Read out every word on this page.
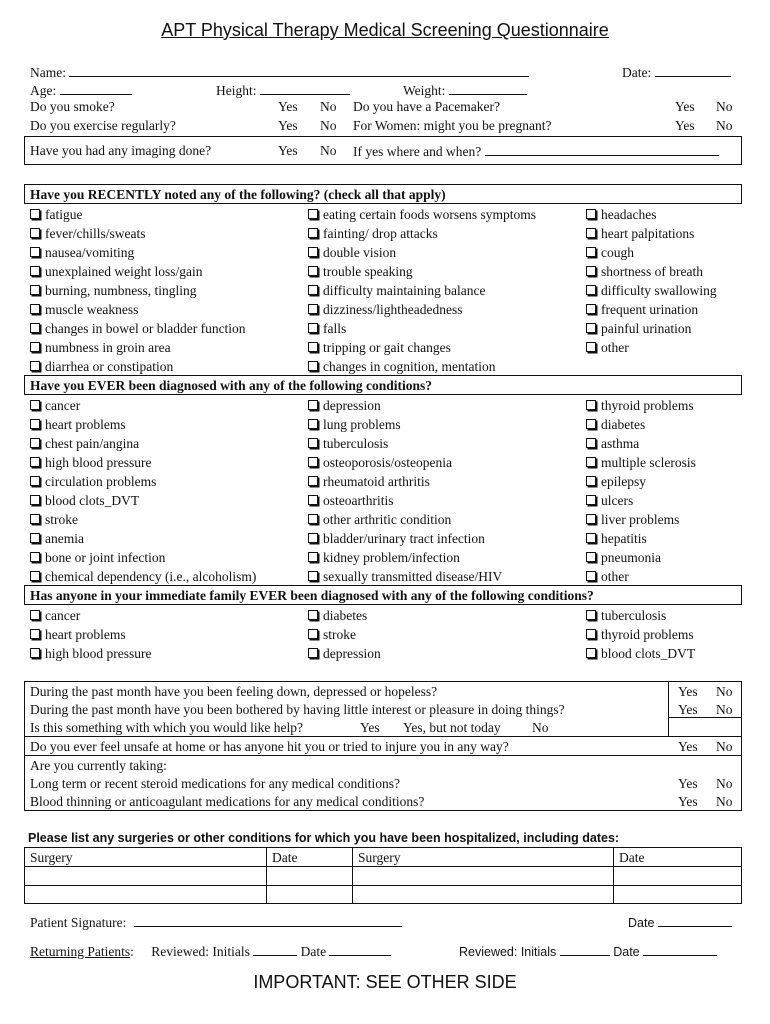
APT Physical Therapy Medical Screening Questionnaire
Name:	Date:
Age:	Height:	Weight:
Do you smoke?	Yes No Do you have a Pacemaker?	Yes No
Do you exercise regularly?	Yes No For Women: might you be pregnant?	Yes No
Have you had any imaging done?	Yes No If yes where and when?
Have you RECENTLY noted any of the following? (check all that apply)
fatigue
fever/chills/sweats
nausea/vomiting
unexplained weight loss/gain
burning, numbness, tingling
muscle weakness
changes in bowel or bladder function
numbness in groin area
diarrhea or constipation
eating certain foods worsens symptoms
fainting/ drop attacks
double vision
trouble speaking
difficulty maintaining balance
dizziness/lightheadedness
falls
tripping or gait changes
changes in cognition, mentation
headaches
heart palpitations
cough
shortness of breath
difficulty swallowing
frequent urination
painful urination
other
Have you EVER been diagnosed with any of the following conditions?
cancer
heart problems
chest pain/angina
high blood pressure
circulation problems
blood clots_DVT
stroke
anemia
bone or joint infection
chemical dependency (i.e., alcoholism)
depression
lung problems
tuberculosis
osteoporosis/osteopenia
rheumatoid arthritis
osteoarthritis
other arthritic condition
bladder/urinary tract infection
kidney problem/infection
sexually transmitted disease/HIV
thyroid problems
diabetes
asthma
multiple sclerosis
epilepsy
ulcers
liver problems
hepatitis
pneumonia
other
Has anyone in your immediate family EVER been diagnosed with any of the following conditions?
cancer
heart problems
high blood pressure
diabetes
stroke
depression
tuberculosis
thyroid problems
blood clots_DVT
During the past month have you been feeling down, depressed or hopeless?	Yes No
During the past month have you been bothered by having little interest or pleasure in doing things?	Yes No
Is this something with which you would like help?	Yes Yes, but not today No
Do you ever feel unsafe at home or has anyone hit you or tried to injure you in any way?	Yes No
Are you currently taking:
Long term or recent steroid medications for any medical conditions?	Yes No
Blood thinning or anticoagulant medications for any medical conditions?	Yes No
Please list any surgeries or other conditions for which you have been hospitalized, including dates:
Surgery	Date	Surgery	Date
Patient Signature:	Date
Returning Patients: Reviewed: Initials	Date	Reviewed: Initials	Date
IMPORTANT: SEE OTHER SIDE
